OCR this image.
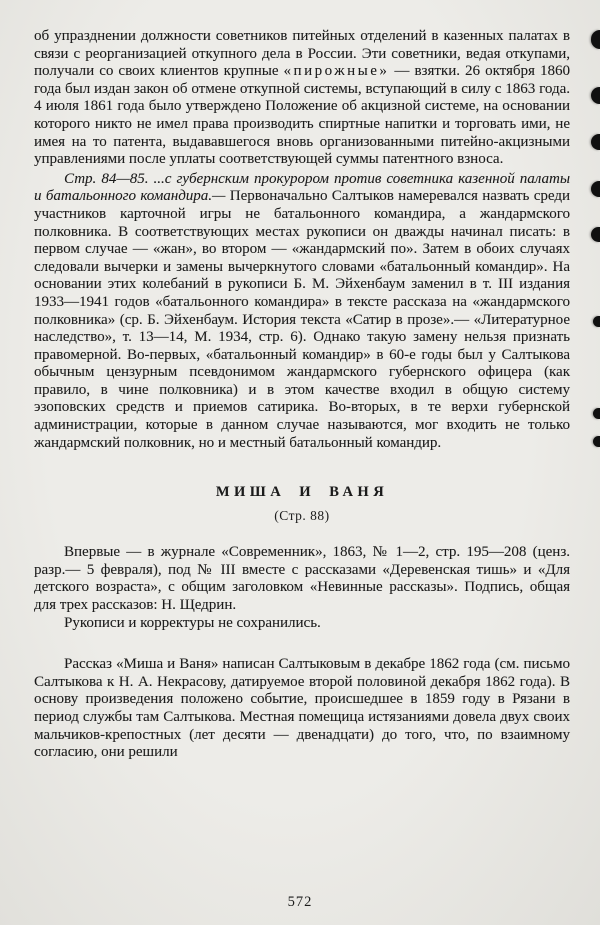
об упразднении должности советников питейных отделений в казенных палатах в связи с реорганизацией откупного дела в России. Эти советники, ведая откупами, получали со своих клиентов крупные «пирожные» — взятки. 26 октября 1860 года был издан закон об отмене откупной системы, вступающий в силу с 1863 года. 4 июля 1861 года было утверждено Положение об акцизной системе, на основании которого никто не имел права производить спиртные напитки и торговать ими, не имея на то патента, выдававшегося вновь организованными питейно-акцизными управлениями после уплаты соответствующей суммы патентного взноса.

Стр. 84—85. ...с губернским прокурором против советника казенной палаты и батальонного командира.— Первоначально Салтыков намеревался назвать среди участников карточной игры не батальонного командира, а жандармского полковника. В соответствующих местах рукописи он дважды начинал писать: в первом случае — «жан», во втором — «жандармский по». Затем в обоих случаях следовали вычерки и замены вычеркнутого словами «батальонный командир». На основании этих колебаний в рукописи Б. М. Эйхенбаум заменил в т. III издания 1933—1941 годов «батальонного командира» в тексте рассказа на «жандармского полковника» (ср. Б. Эйхенбаум. История текста «Сатир в прозе».— «Литературное наследство», т. 13—14, М. 1934, стр. 6). Однако такую замену нельзя признать правомерной. Во-первых, «батальонный командир» в 60-е годы был у Салтыкова обычным цензурным псевдонимом жандармского губернского офицера (как правило, в чине полковника) и в этом качестве входил в общую систему эзоповских средств и приемов сатирика. Во-вторых, в те верхи губернской администрации, которые в данном случае называются, мог входить не только жандармский полковник, но и местный батальонный командир.

МИША И ВАНЯ
(Стр. 88)

Впервые — в журнале «Современник», 1863, № 1—2, стр. 195—208 (ценз. разр.— 5 февраля), под № III вместе с рассказами «Деревенская тишь» и «Для детского возраста», с общим заголовком «Невинные рассказы». Подпись, общая для трех рассказов: Н. Щедрин.

Рукописи и корректуры не сохранились.

Рассказ «Миша и Ваня» написан Салтыковым в декабре 1862 года (см. письмо Салтыкова к Н. А. Некрасову, датируемое второй половиной декабря 1862 года). В основу произведения положено событие, происшедшее в 1859 году в Рязани в период службы там Салтыкова. Местная помещица истязаниями довела двух своих мальчиков-крепостных (лет десяти — двенадцати) до того, что, по взаимному согласию, они решили

572
